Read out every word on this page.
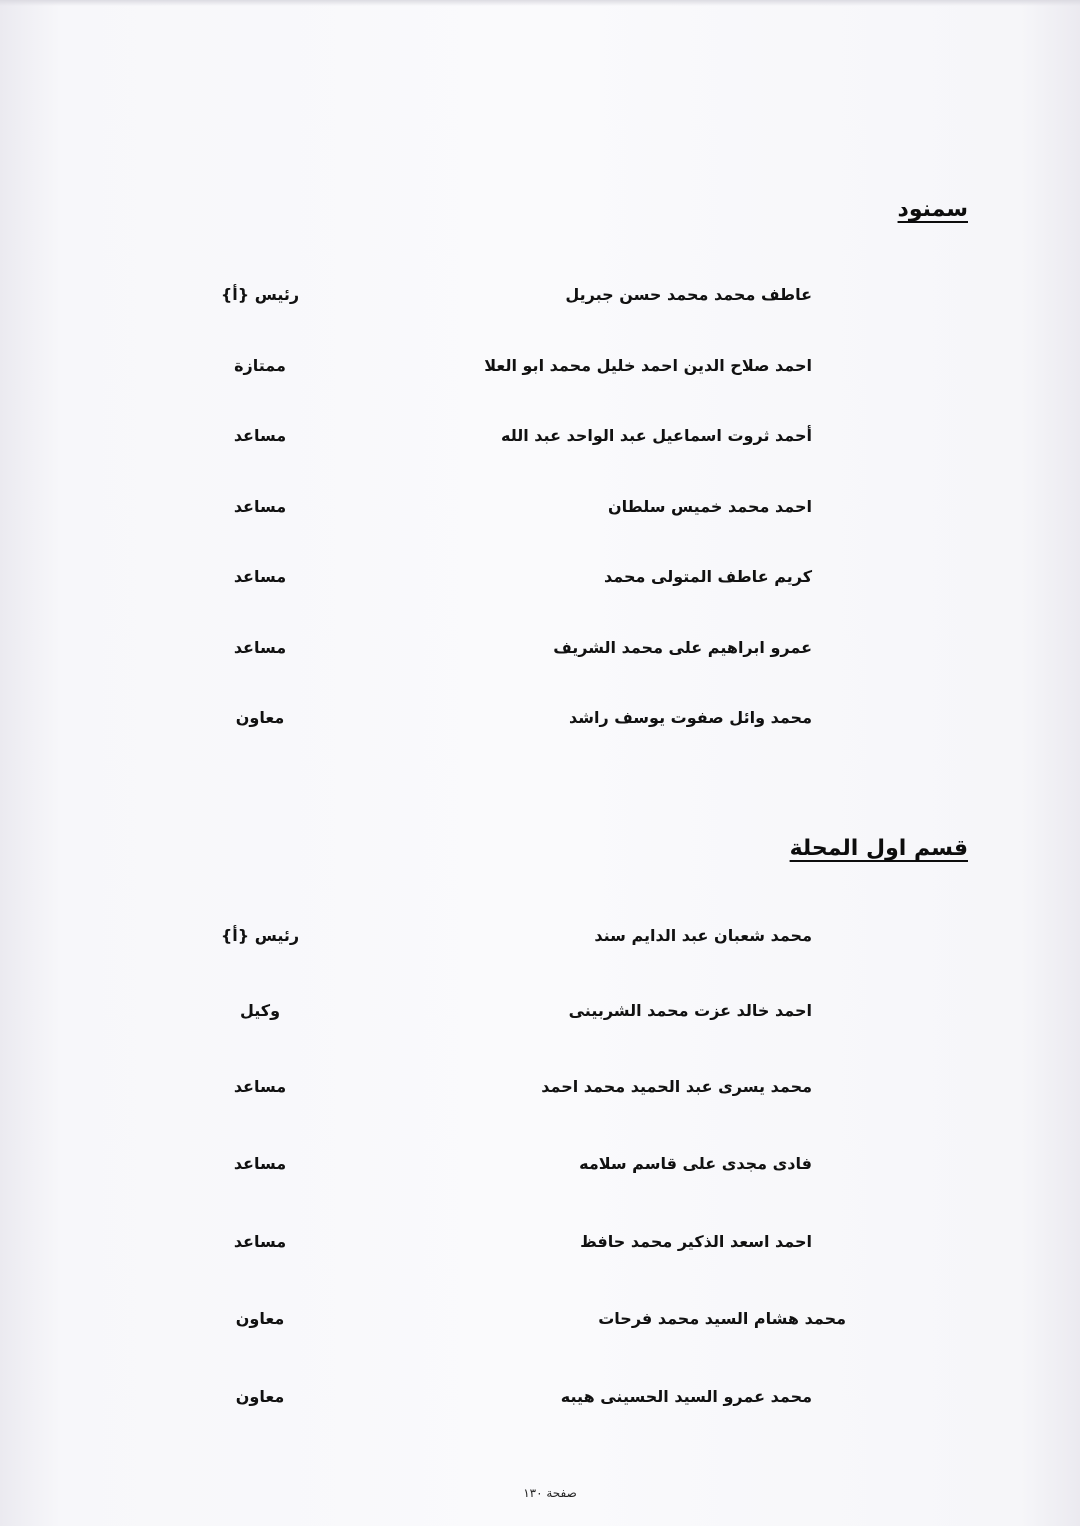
سمنود
عاطف محمد محمد حسن جبريل
رئيس {أ}
احمد صلاح الدين احمد خليل محمد ابو العلا
ممتازة
أحمد ثروت اسماعيل عبد الواحد عبد الله
مساعد
احمد محمد خميس سلطان
مساعد
كريم عاطف المتولى محمد
مساعد
عمرو ابراهيم على محمد الشريف
مساعد
محمد وائل صفوت يوسف راشد
معاون
قسم اول المحلة
محمد شعبان عبد الدايم سند
رئيس {أ}
احمد خالد عزت محمد الشربينى
وكيل
محمد يسرى عبد الحميد محمد احمد
مساعد
فادى مجدى على قاسم سلامه
مساعد
احمد اسعد الذكير محمد حافظ
مساعد
محمد هشام السيد محمد فرحات
معاون
محمد عمرو السيد الحسينى هيبه
معاون
صفحة ١٣٠
